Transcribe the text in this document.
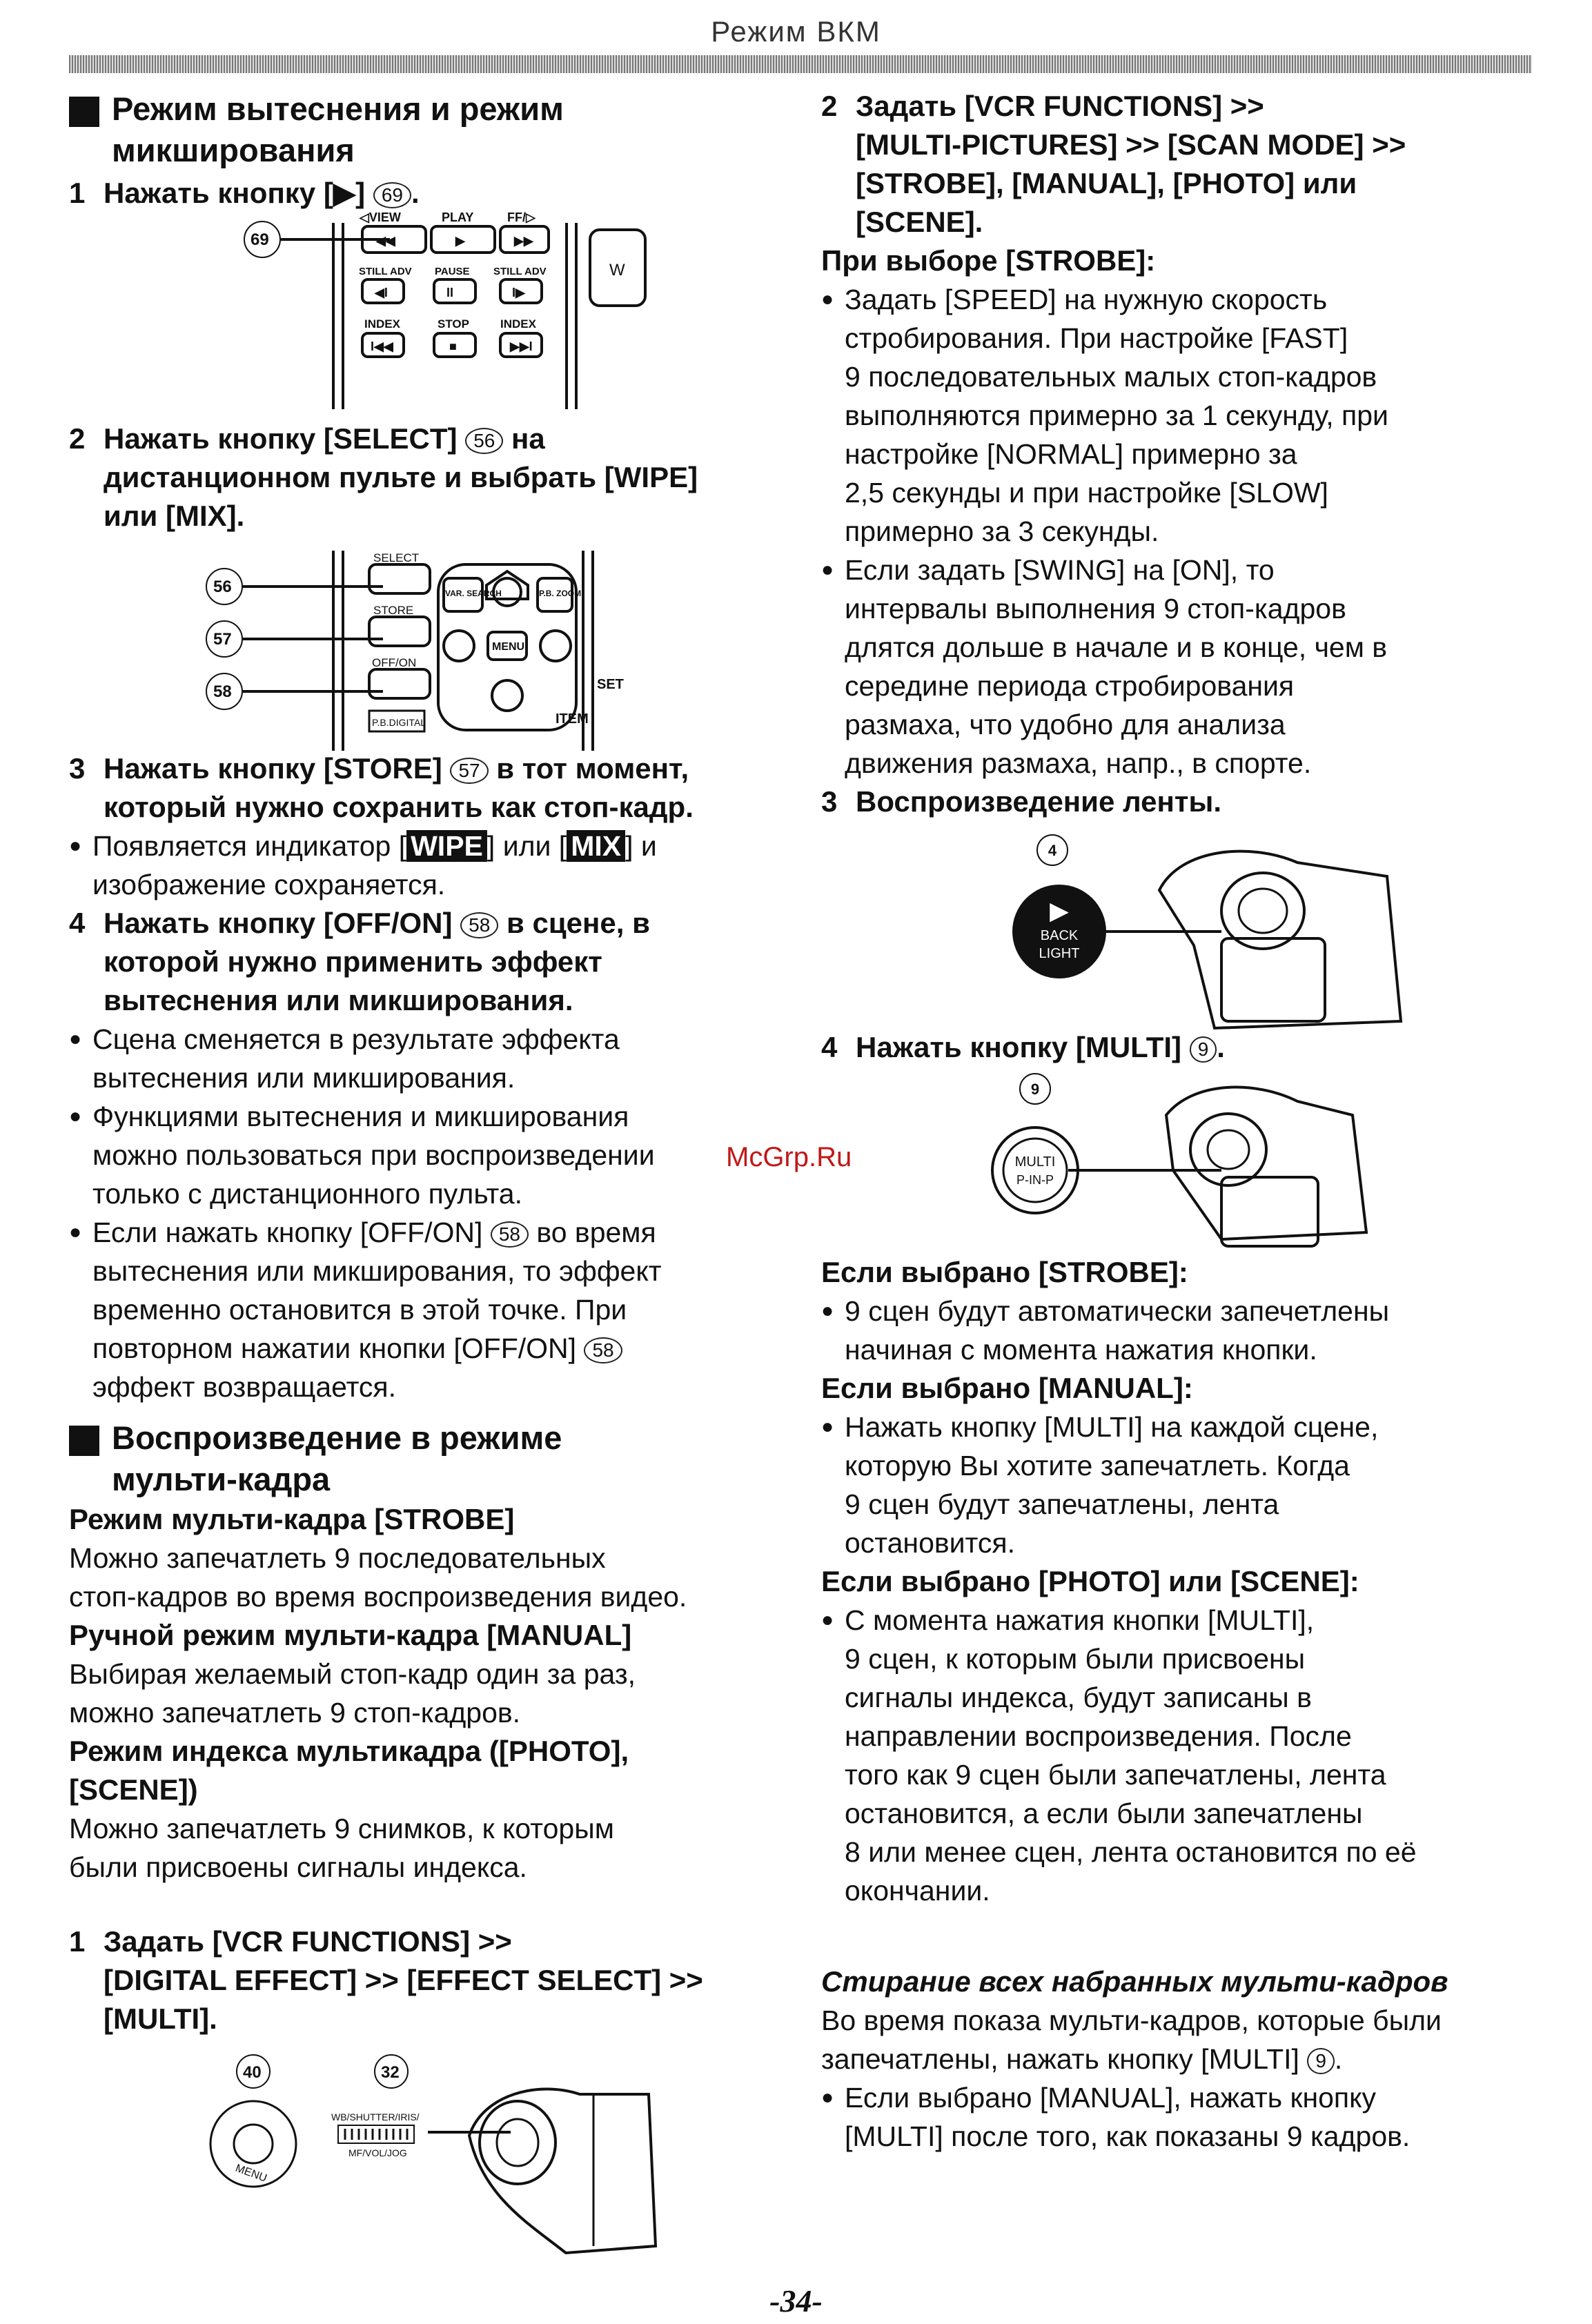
Режим ВКМ
Режим вытеснения и режим
микширования
1 Нажать кнопку [▶] 69 .
69
◁VIEW	PLAY	FF/▷
◀◀	▶	▶▶
STILL ADV PAUSE STILL ADV
◀I	II	I▶
INDEX	STOP	INDEX
I◀◀	■	▶▶I
W
2 Нажать кнопку [SELECT] 56 на
дистанционном пульте и выбрать [WIPE]
или [MIX].
56
57
58
SELECT
STORE
OFF/ON
P.B.DIGITAL
VAR. SEARCH	P.B. ZOOM
MENU
SET
ITEM
3 Нажать кнопку [STORE] 57 в тот момент,
который нужно сохранить как стоп-кадр.

● Появляется индикатор [ WIPE ] или [ MIX ] и
изображение сохраняется.

4 Нажать кнопку [OFF/ON] 58 в сцене, в
которой нужно применить эффект
вытеснения или микширования.

● Сцена сменяется в результате эффекта
вытеснения или микширования.

● Функциями вытеснения и микширования
можно пользоваться при воспроизведении
только с дистанционного пульта.

● Если нажать кнопку [OFF/ON] 58 во время
вытеснения или микширования, то эффект
временно остановится в этой точке. При
повторном нажатии кнопки [OFF/ON] 58
эффект возвращается.

Воспроизведение в режиме
мульти-кадра

Режим мульти-кадра [STROBE]

Можно запечатлеть 9 последовательных
стоп-кадров во время воспроизведения видео.

Ручной режим мульти-кадра [MANUAL]

Выбирая желаемый стоп-кадр один за раз,
можно запечатлеть 9 стоп-кадров.

Режим индекса мультикадра ([PHOTO],
[SCENE])

Можно запечатлеть 9 снимков, к которым
были присвоены сигналы индекса.

1 Задать [VCR FUNCTIONS] >>
[DIGITAL EFFECT] >> [EFFECT SELECT] >>
[MULTI].
40	32
MENU
WB/SHUTTER/IRIS/
MF/VOL/JOG
McGrp.Ru
2 Задать [VCR FUNCTIONS] >>
[MULTI-PICTURES] >> [SCAN MODE] >>
[STROBE], [MANUAL], [PHOTO] или
[SCENE].

При выборе [STROBE]:

● Задать [SPEED] на нужную скорость
стробирования. При настройке [FAST]
9 последовательных малых стоп-кадров
выполняются примерно за 1 секунду, при
настройке [NORMAL] примерно за
2,5 секунды и при настройке [SLOW]
примерно за 3 секунды.

● Если задать [SWING] на [ON], то
интервалы выполнения 9 стоп-кадров
длятся дольше в начале и в конце, чем в
середине периода стробирования
размаха, что удобно для анализа
движения размаха, напр., в спорте.

3 Воспроизведение ленты.
4
▶
BACK
LIGHT
4 Нажать кнопку [MULTI] 9 .
9
MULTI
P-IN-P

Если выбрано [STROBE]:

● 9 сцен будут автоматически запечетлены
начиная с момента нажатия кнопки.

Если выбрано [MANUAL]:

● Нажать кнопку [MULTI] на каждой сцене,
которую Вы хотите запечатлеть. Когда
9 сцен будут запечатлены, лента
остановится.

Если выбрано [PHOTO] или [SCENE]:

● С момента нажатия кнопки [MULTI],
9 сцен, к которым были присвоены
сигналы индекса, будут записаны в
направлении воспроизведения. После
того как 9 сцен были запечатлены, лента
остановится, а если были запечатлены
8 или менее сцен, лента остановится по её
окончании.

Стирание всех набранных мульти-кадров

Во время показа мульти-кадров, которые были
запечатлены, нажать кнопку [MULTI] 9 .

● Если выбрано [MANUAL], нажать кнопку
[MULTI] после того, как показаны 9 кадров.

-34-
